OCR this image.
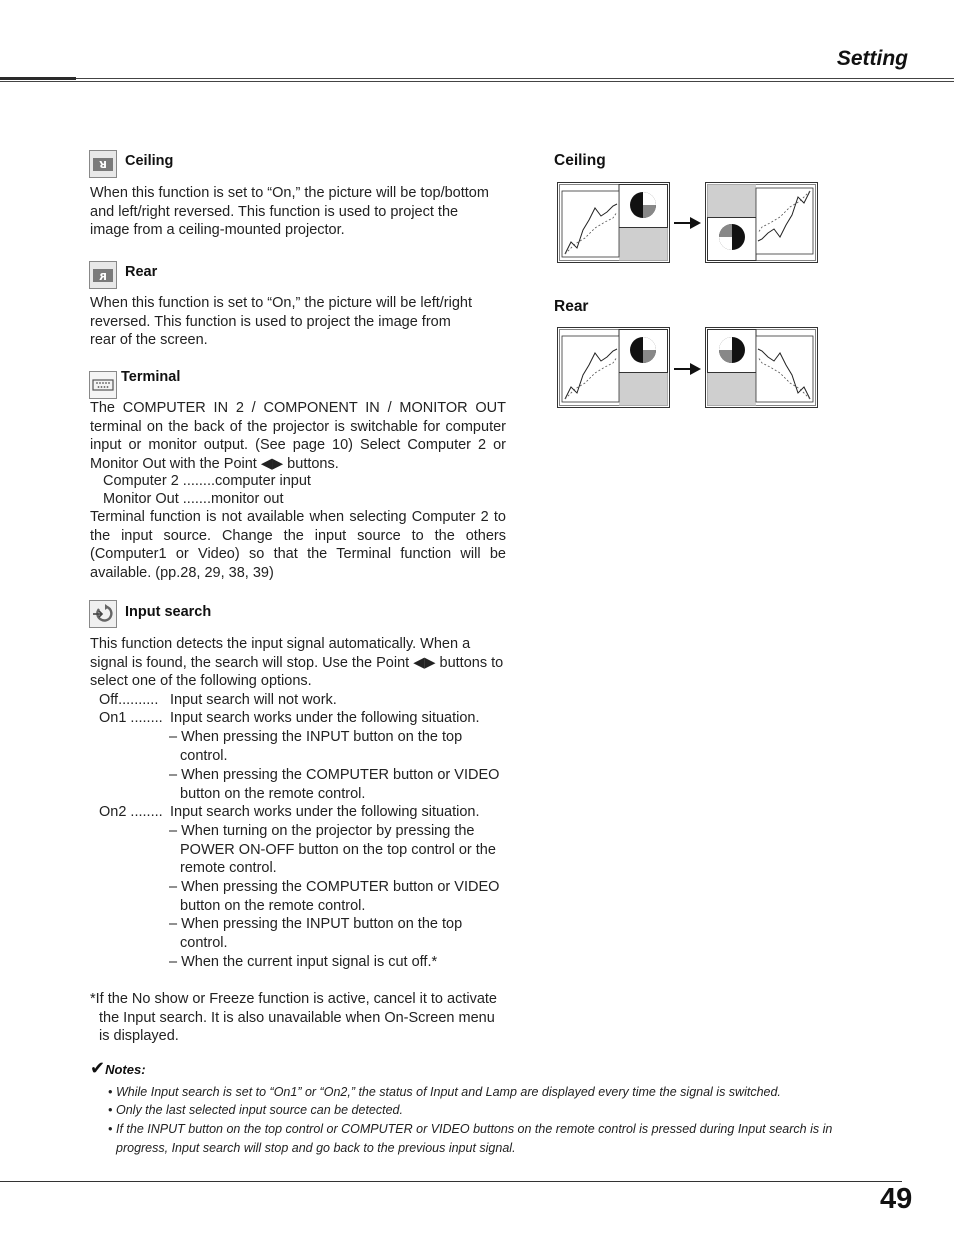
Setting
R Ceiling
When this function is set to “On,” the picture will be top/bottom and left/right reversed. This function is used to project the image from a ceiling-mounted projector.
R Rear
When this function is set to “On,” the picture will be left/right reversed. This function is used to project the image from rear of the screen.
Terminal
The COMPUTER IN 2 / COMPONENT IN / MONITOR OUT terminal on the back of the projector is switchable for computer input or monitor output. (See page 10) Select Computer 2 or Monitor Out with the Point ◀▶ buttons.
Computer 2 ........computer input
Monitor Out .......monitor out
Terminal function is not available when selecting Computer 2 to the input source. Change the input source to the others (Computer1 or Video) so that the Terminal function will be available. (pp.28, 29, 38, 39)
Input search
This function detects the input signal automatically. When a signal is found, the search will stop. Use the Point ◀▶ buttons to select one of the following options.
Off.......... Input search will not work.
On1 ........ Input search works under the following situation.
– When pressing the INPUT button on the top control.
– When pressing the COMPUTER button or VIDEO button on the remote control.
On2 ........ Input search works under the following situation.
– When turning on the projector by pressing the POWER ON-OFF button on the top control or the remote control.
– When pressing the COMPUTER button or VIDEO button on the remote control.
– When pressing the INPUT button on the top control.
– When the current input signal is cut off.*
*If the No show or Freeze function is active, cancel it to activate the Input search. It is also unavailable when On-Screen menu is displayed.
Ceiling
Rear
✔Notes:
• While Input search is set to “On1” or “On2,” the status of Input and Lamp are displayed every time the signal is switched.
• Only the last selected input source can be detected.
• If the INPUT button on the top control or COMPUTER or VIDEO buttons on the remote control is pressed during Input search is in progress, Input search will stop and go back to the previous input signal.
49
